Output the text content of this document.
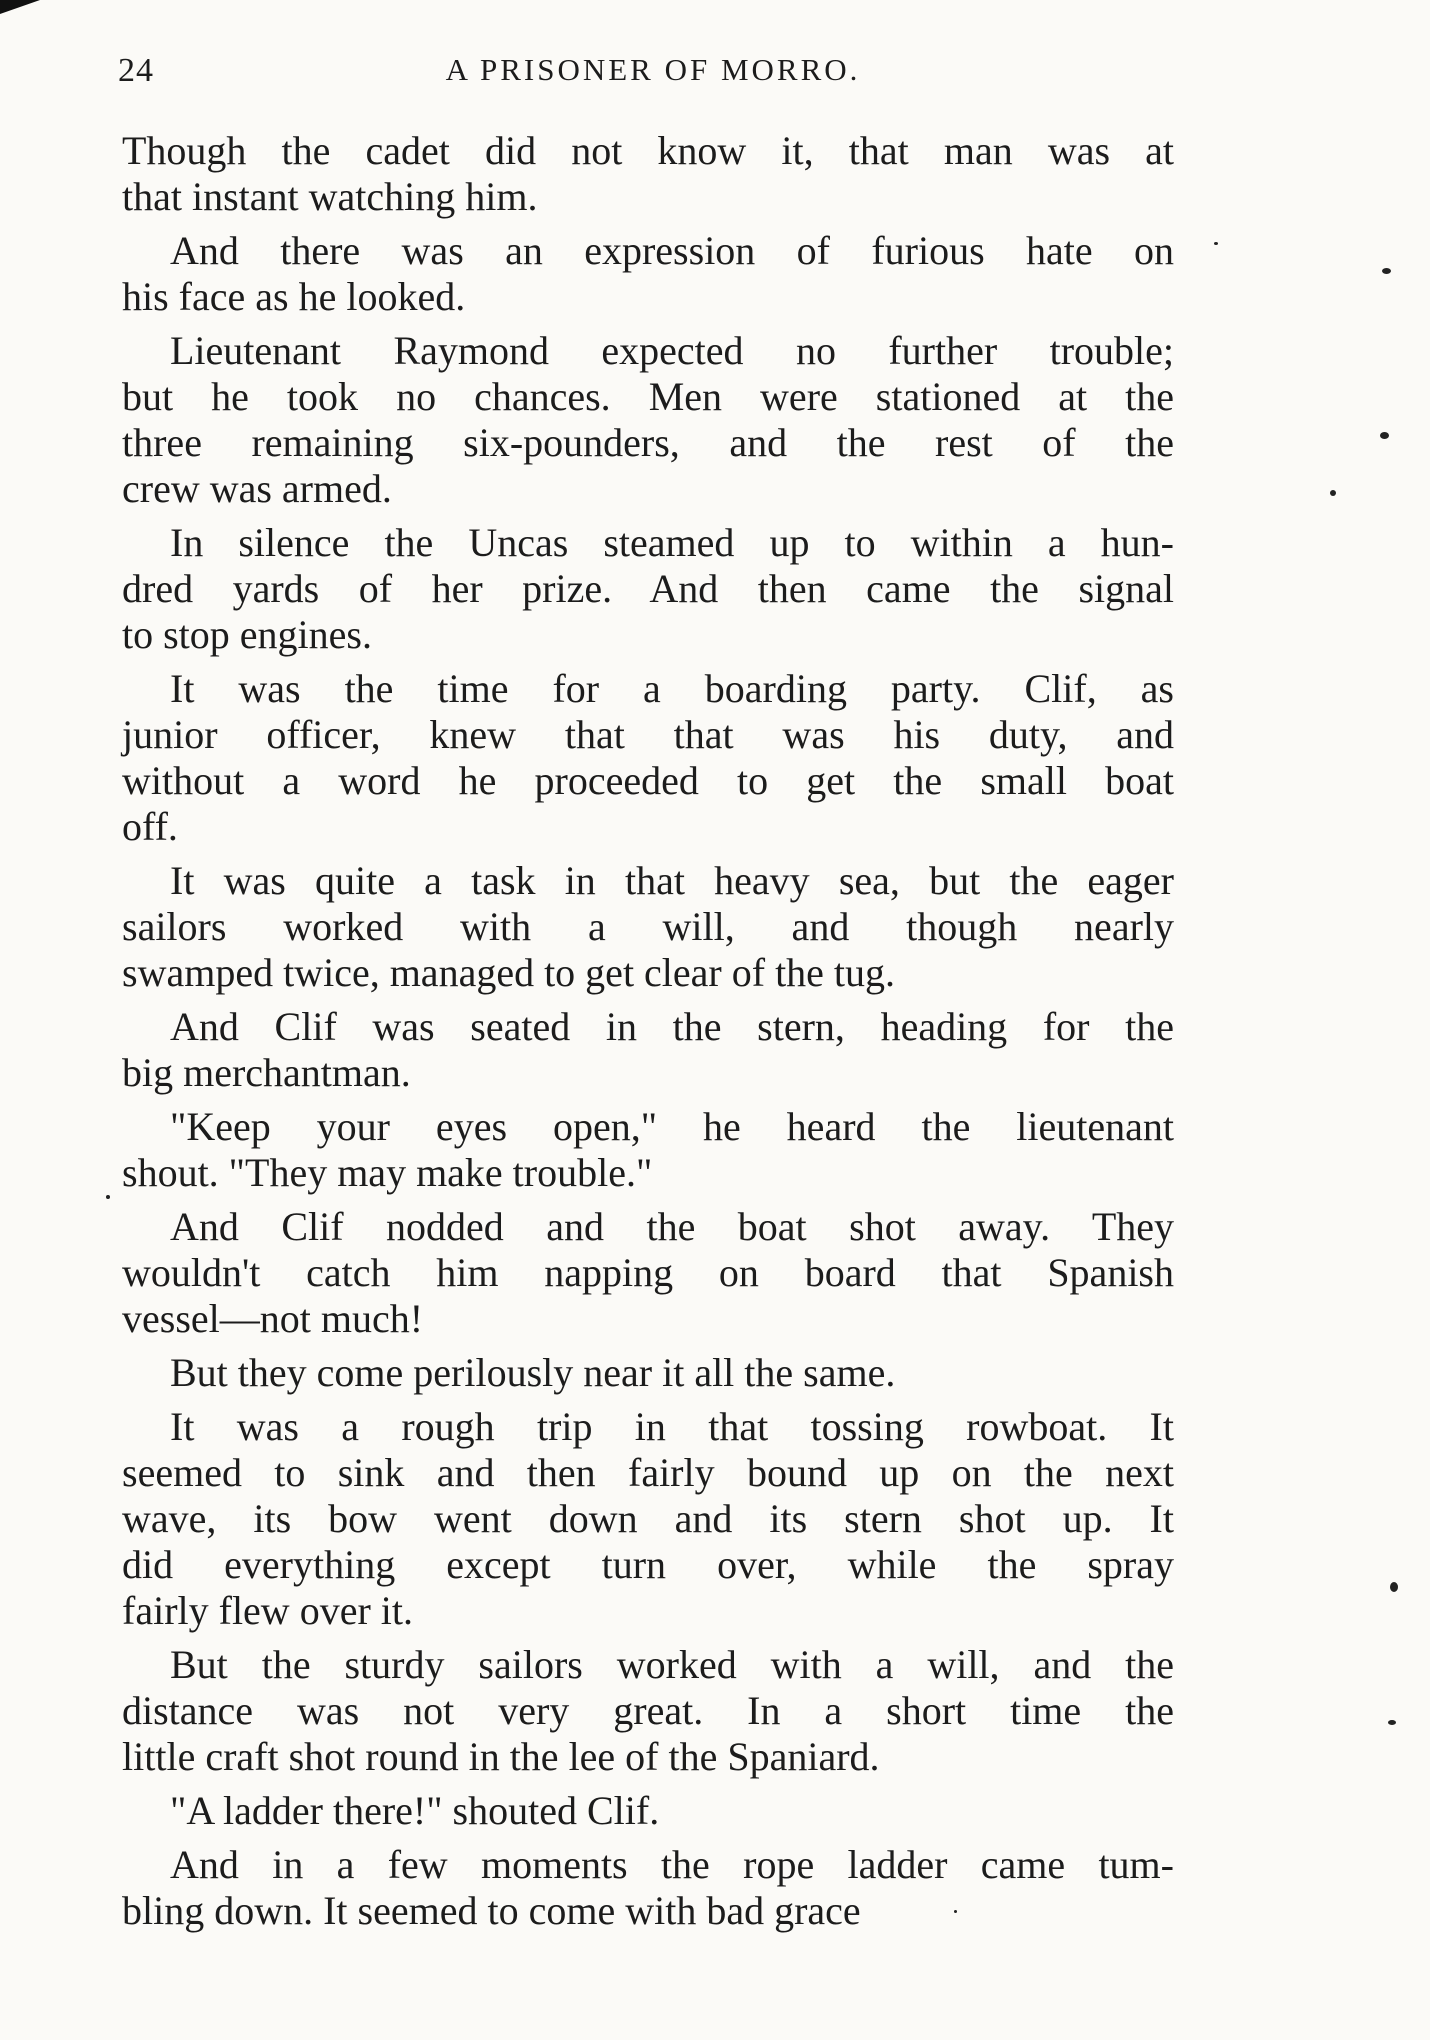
24	A PRISONER OF MORRO.
Though the cadet did not know it, that man was at
that instant watching him.
And there was an expression of furious hate on
his face as he looked.
Lieutenant Raymond expected no further trouble;
but he took no chances. Men were stationed at the
three remaining six-pounders, and the rest of the
crew was armed.
In silence the Uncas steamed up to within a hun-
dred yards of her prize. And then came the signal
to stop engines.
It was the time for a boarding party. Clif, as
junior officer, knew that that was his duty, and
without a word he proceeded to get the small boat
off.
It was quite a task in that heavy sea, but the eager
sailors worked with a will, and though nearly
swamped twice, managed to get clear of the tug.
And Clif was seated in the stern, heading for the
big merchantman.
"Keep your eyes open," he heard the lieutenant
shout. "They may make trouble."
And Clif nodded and the boat shot away. They
wouldn't catch him napping on board that Spanish
vessel—not much!
But they come perilously near it all the same.
It was a rough trip in that tossing rowboat. It
seemed to sink and then fairly bound up on the next
wave, its bow went down and its stern shot up. It
did everything except turn over, while the spray
fairly flew over it.
But the sturdy sailors worked with a will, and the
distance was not very great. In a short time the
little craft shot round in the lee of the Spaniard.
"A ladder there!" shouted Clif.
And in a few moments the rope ladder came tum-
bling down. It seemed to come with bad grace
